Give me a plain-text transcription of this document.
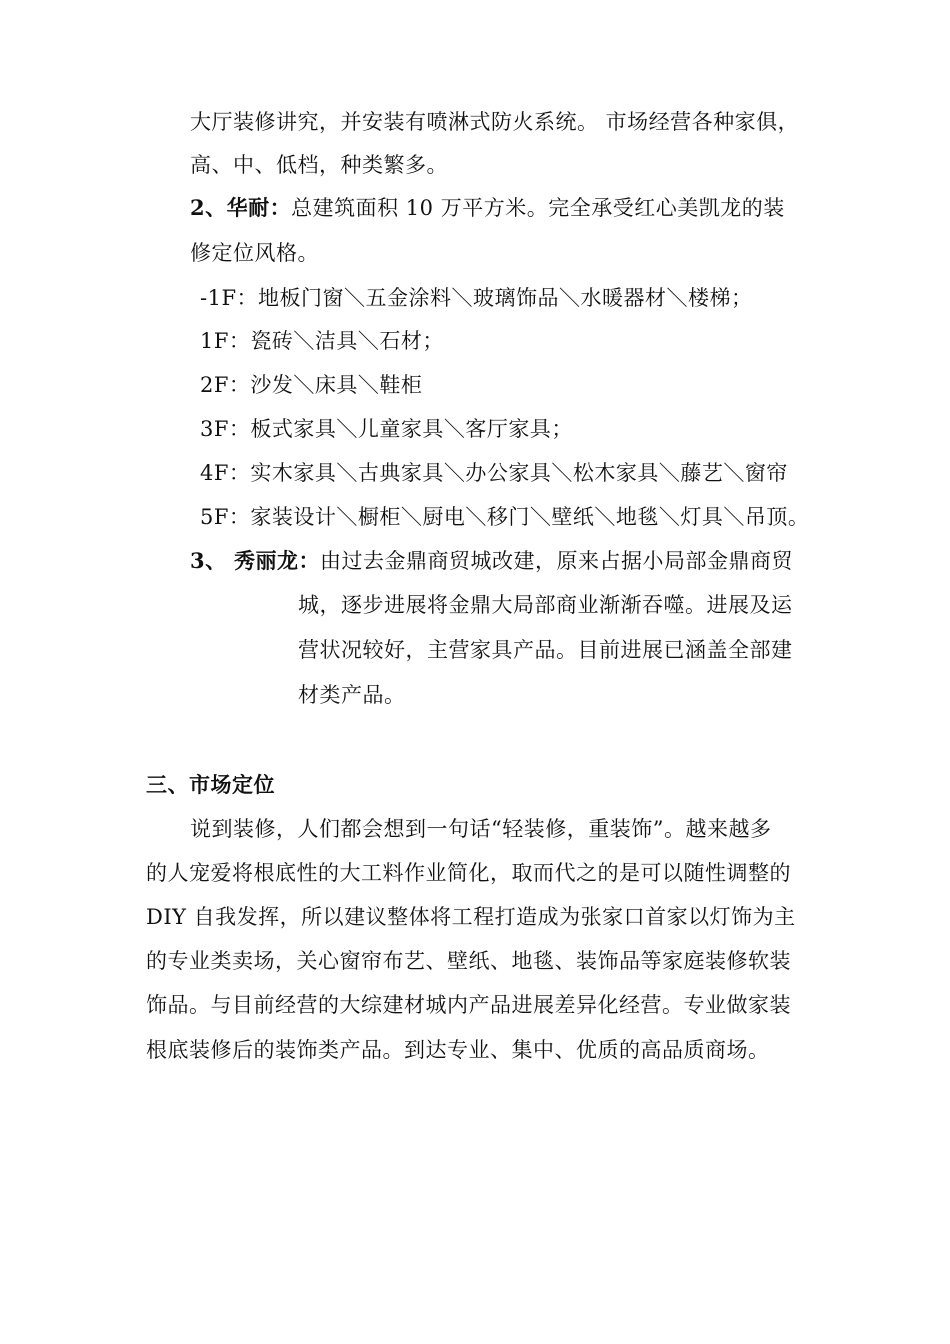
大厅装修讲究，并安装有喷淋式防火系统。 市场经营各种家俱，
高、中、低档，种类繁多。
2、华耐：总建筑面积 10 万平方米。完全承受红心美凯龙的装
修定位风格。
-1F：地板门窗＼五金涂料＼玻璃饰品＼水暖器材＼楼梯；
1F：瓷砖＼洁具＼石材；
2F：沙发＼床具＼鞋柜
3F：板式家具＼儿童家具＼客厅家具；
4F：实木家具＼古典家具＼办公家具＼松木家具＼藤艺＼窗帘
5F：家装设计＼橱柜＼厨电＼移门＼壁纸＼地毯＼灯具＼吊顶。
3、 秀丽龙：由过去金鼎商贸城改建，原来占据小局部金鼎商贸
城，逐步进展将金鼎大局部商业渐渐吞噬。进展及运
营状况较好，主营家具产品。目前进展已涵盖全部建
材类产品。
三、市场定位
说到装修，人们都会想到一句话“轻装修，重装饰”。越来越多
的人宠爱将根底性的大工料作业简化，取而代之的是可以随性调整的
DIY 自我发挥，所以建议整体将工程打造成为张家口首家以灯饰为主
的专业类卖场，关心窗帘布艺、壁纸、地毯、装饰品等家庭装修软装
饰品。与目前经营的大综建材城内产品进展差异化经营。专业做家装
根底装修后的装饰类产品。到达专业、集中、优质的高品质商场。
